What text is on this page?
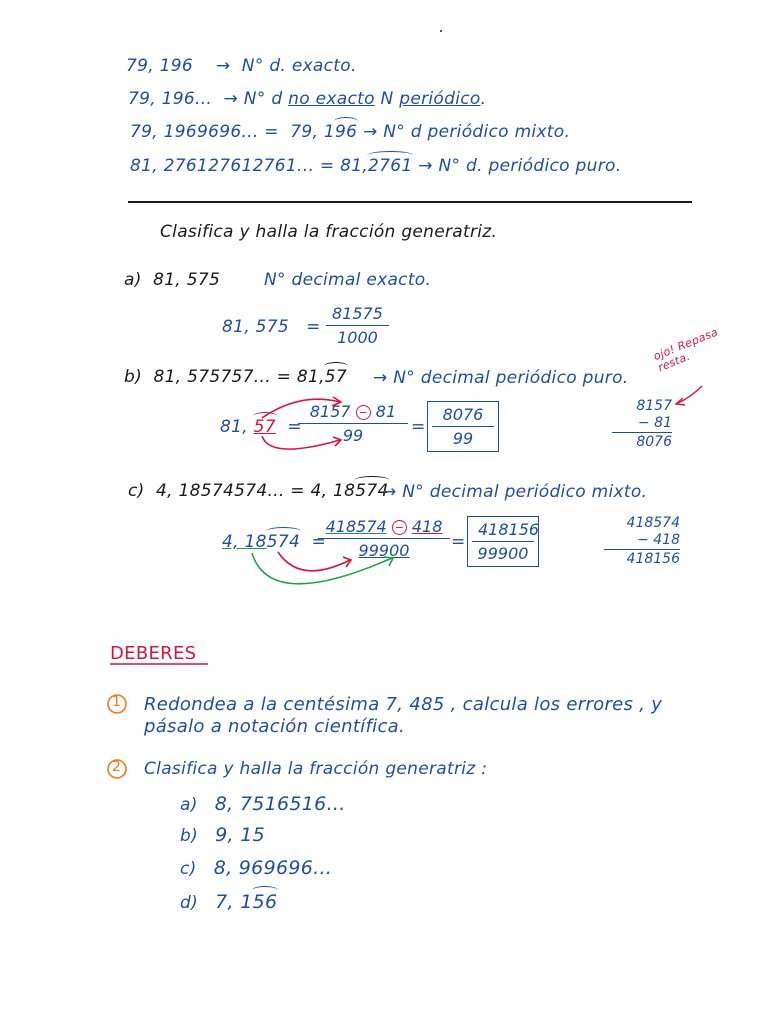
79, 196 → N° d. exacto.
79, 196... → N° d no exacto N periódico.
79, 1969696... = 79, 196 → N° d periódico mixto.
81, 276127612761... = 81,2761 → N° d. periódico puro.
Clasifica y halla la fracción generatriz.
a) 81, 575	N° decimal exacto.
81, $575 = \frac{81575}{1000}$
b) 81, 575757... = 81,57 → N° decimal periódico puro.
81, 57 =
$\frac{8157 - 81}{99} = \frac{8076}{99}$
ojo! Repasa resta.
8157
− 81
8076
c) 4, 18574574... = 4, 18574
→ N° decimal periódico mixto.
4, 18574 =
$\frac{418574 - 418}{99900} = \frac{418156}{99900}$	418574
− 418
418156
DEBERES
1 Redondea a la centésima 7, 485 , calcula los errores , y
pásalo a notación científica.
2 Clasifica y halla la fracción generatriz :
a) 8, 7516516...
b) 9, 15
c) 8, 969696...
d) 7, 156
